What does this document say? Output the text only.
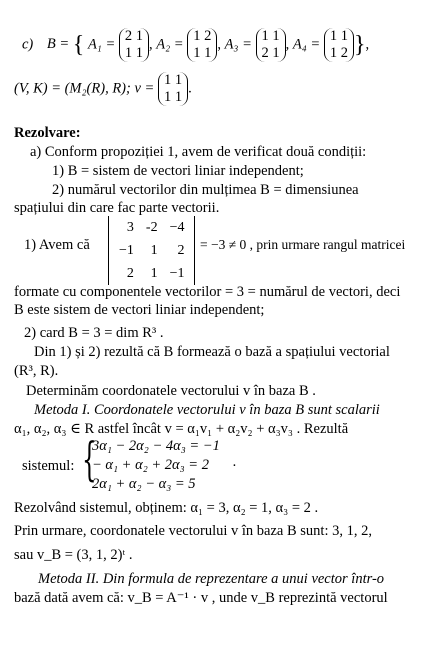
c) B = { A₁ =
2 1
1 1
, A₂ =
1 2
1 1
, A₃ =
1 1
2 1
, A₄ =
1 1
1 2 },
(V, K) = (M₂(R), R); v =
1 1
1 1
.
Rezolvare:
a) Conform propoziției 1, avem de verificat două condiții:
1) B = sistem de vectori liniar independent;
2) numărul vectorilor din mulțimea B = dimensiunea
spațiului din care fac parte vectorii.
1) Avem că
3	-2	−4
−1	1	2
2	1	−1
= −3 ≠ 0 , prin urmare rangul matricei
formate cu componentele vectorilor = 3 = numărul de vectori, deci
B este sistem de vectori liniar independent;
2) card B = 3 = dim R³ .
Din 1) și 2) rezultă că B formează o bază a spațiului vectorial
(R³, R).
Determinăm coordonatele vectorului v în baza B .
Metoda I. Coordonatele vectorului v în baza B sunt scalarii
α₁, α₂, α₃ ∈ R astfel încât v = α₁v₁ + α₂v₂ + α₃v₃ . Rezultă
sistemul: {
3α₁ − 2α₂ − 4α₃ = −1
− α₁ + α₂ + 2α₃ = 2
2α₁ + α₂ − α₃ = 5
·
Rezolvând sistemul, obținem: α₁ = 3, α₂ = 1, α₃ = 2 .
Prin urmare, coordonatele vectorului v în baza B sunt: 3, 1, 2,
sau v_B = (3, 1, 2)ᵗ .
Metoda II. Din formula de reprezentare a unui vector într-o
bază dată avem că: v_B = A⁻¹ · v , unde v_B reprezintă vectorul
